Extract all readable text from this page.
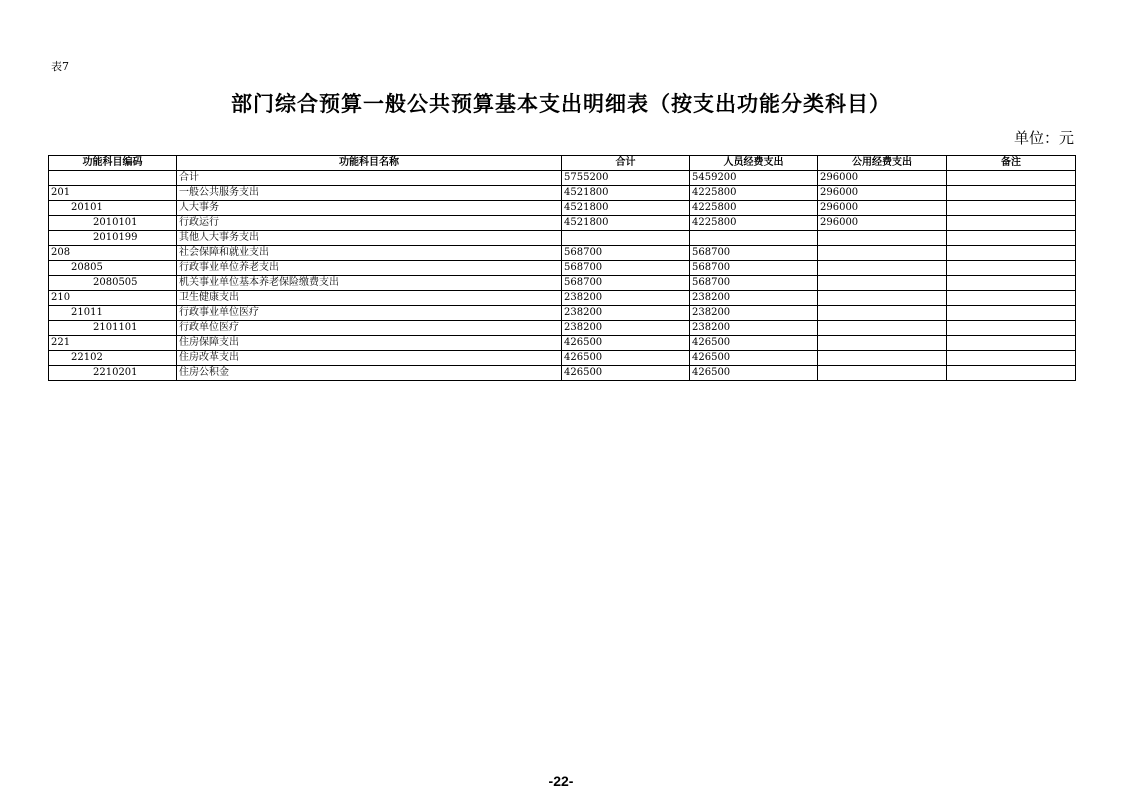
表7
部门综合预算一般公共预算基本支出明细表（按支出功能分类科目）
单位：元
功能科目编码	功能科目名称	合计	人员经费支出	公用经费支出	备注
	合计	5755200	5459200	296000	
201	一般公共服务支出	4521800	4225800	296000	
20101	人大事务	4521800	4225800	296000	
2010101	行政运行	4521800	4225800	296000	
2010199	其他人大事务支出				
208	社会保障和就业支出	568700	568700		
20805	行政事业单位养老支出	568700	568700		
2080505	机关事业单位基本养老保险缴费支出	568700	568700		
210	卫生健康支出	238200	238200		
21011	行政事业单位医疗	238200	238200		
2101101	行政单位医疗	238200	238200		
221	住房保障支出	426500	426500		
22102	住房改革支出	426500	426500		
2210201	住房公积金	426500	426500		
-22-
